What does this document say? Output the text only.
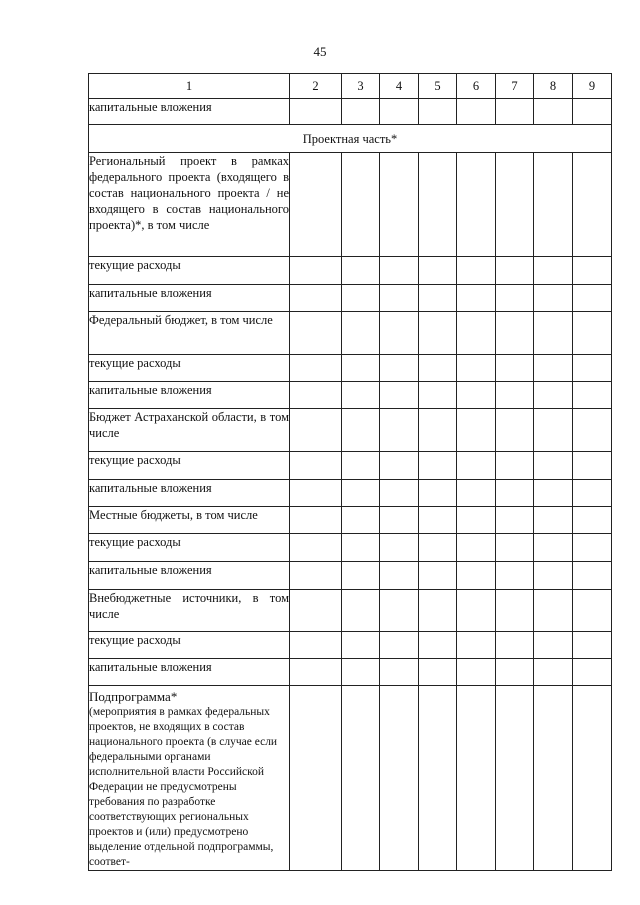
45
1	2	3	4	5	6	7	8	9
капитальные вложения								
Проектная часть*								
Региональный проект в рамках федерального проекта (входящего в состав национального проекта / не входящего в состав национального проекта)*, в том числе								
текущие расходы								
капитальные вложения								
Федеральный бюджет, в том числе								
текущие расходы								
капитальные вложения								
Бюджет Астраханской области, в том числе								
текущие расходы								
капитальные вложения								
Местные бюджеты, в том числе								
текущие расходы								
капитальные вложения								
Внебюджетные источники, в том числе								
текущие расходы								
капитальные вложения								

Подпрограмма*
(мероприятия в рамках федеральных проектов, не входящих в состав национального проекта (в случае если федеральными органами исполнительной власти Российской Федерации не предусмотрены требования по разработке соответствующих региональных проектов и (или) предусмотрено выделение отдельной подпрограммы, соответ-								
